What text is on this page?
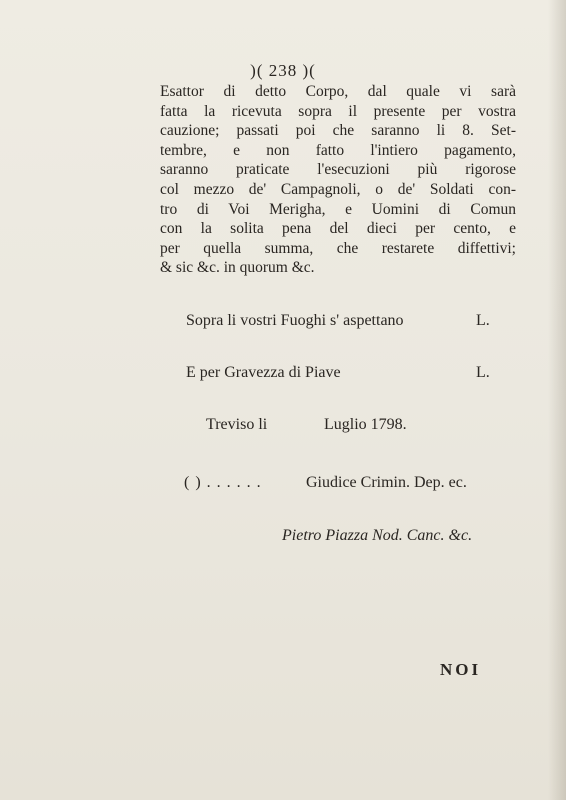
)( 238 )(
Esattor di detto Corpo, dal quale vi sarà
fatta la ricevuta sopra il presente per vostra
cauzione; passati poi che saranno li 8. Set-
tembre, e non fatto l'intiero pagamento,
saranno praticate l'esecuzioni più rigorose
col mezzo de' Campagnoli, o de' Soldati con-
tro di Voi Merigha, e Uomini di Comun
con la solita pena del dieci per cento, e
per quella summa, che restarete diffettivi;
& sic &c. in quorum &c.
Sopra li vostri Fuoghi s' aspettano	L.
E per Gravezza di Piave	L.
Treviso li	Luglio 1798.
( ) . . . . . .	Giudice Crimin. Dep. ec.
Pietro Piazza Nod. Canc. &c.
NOI
